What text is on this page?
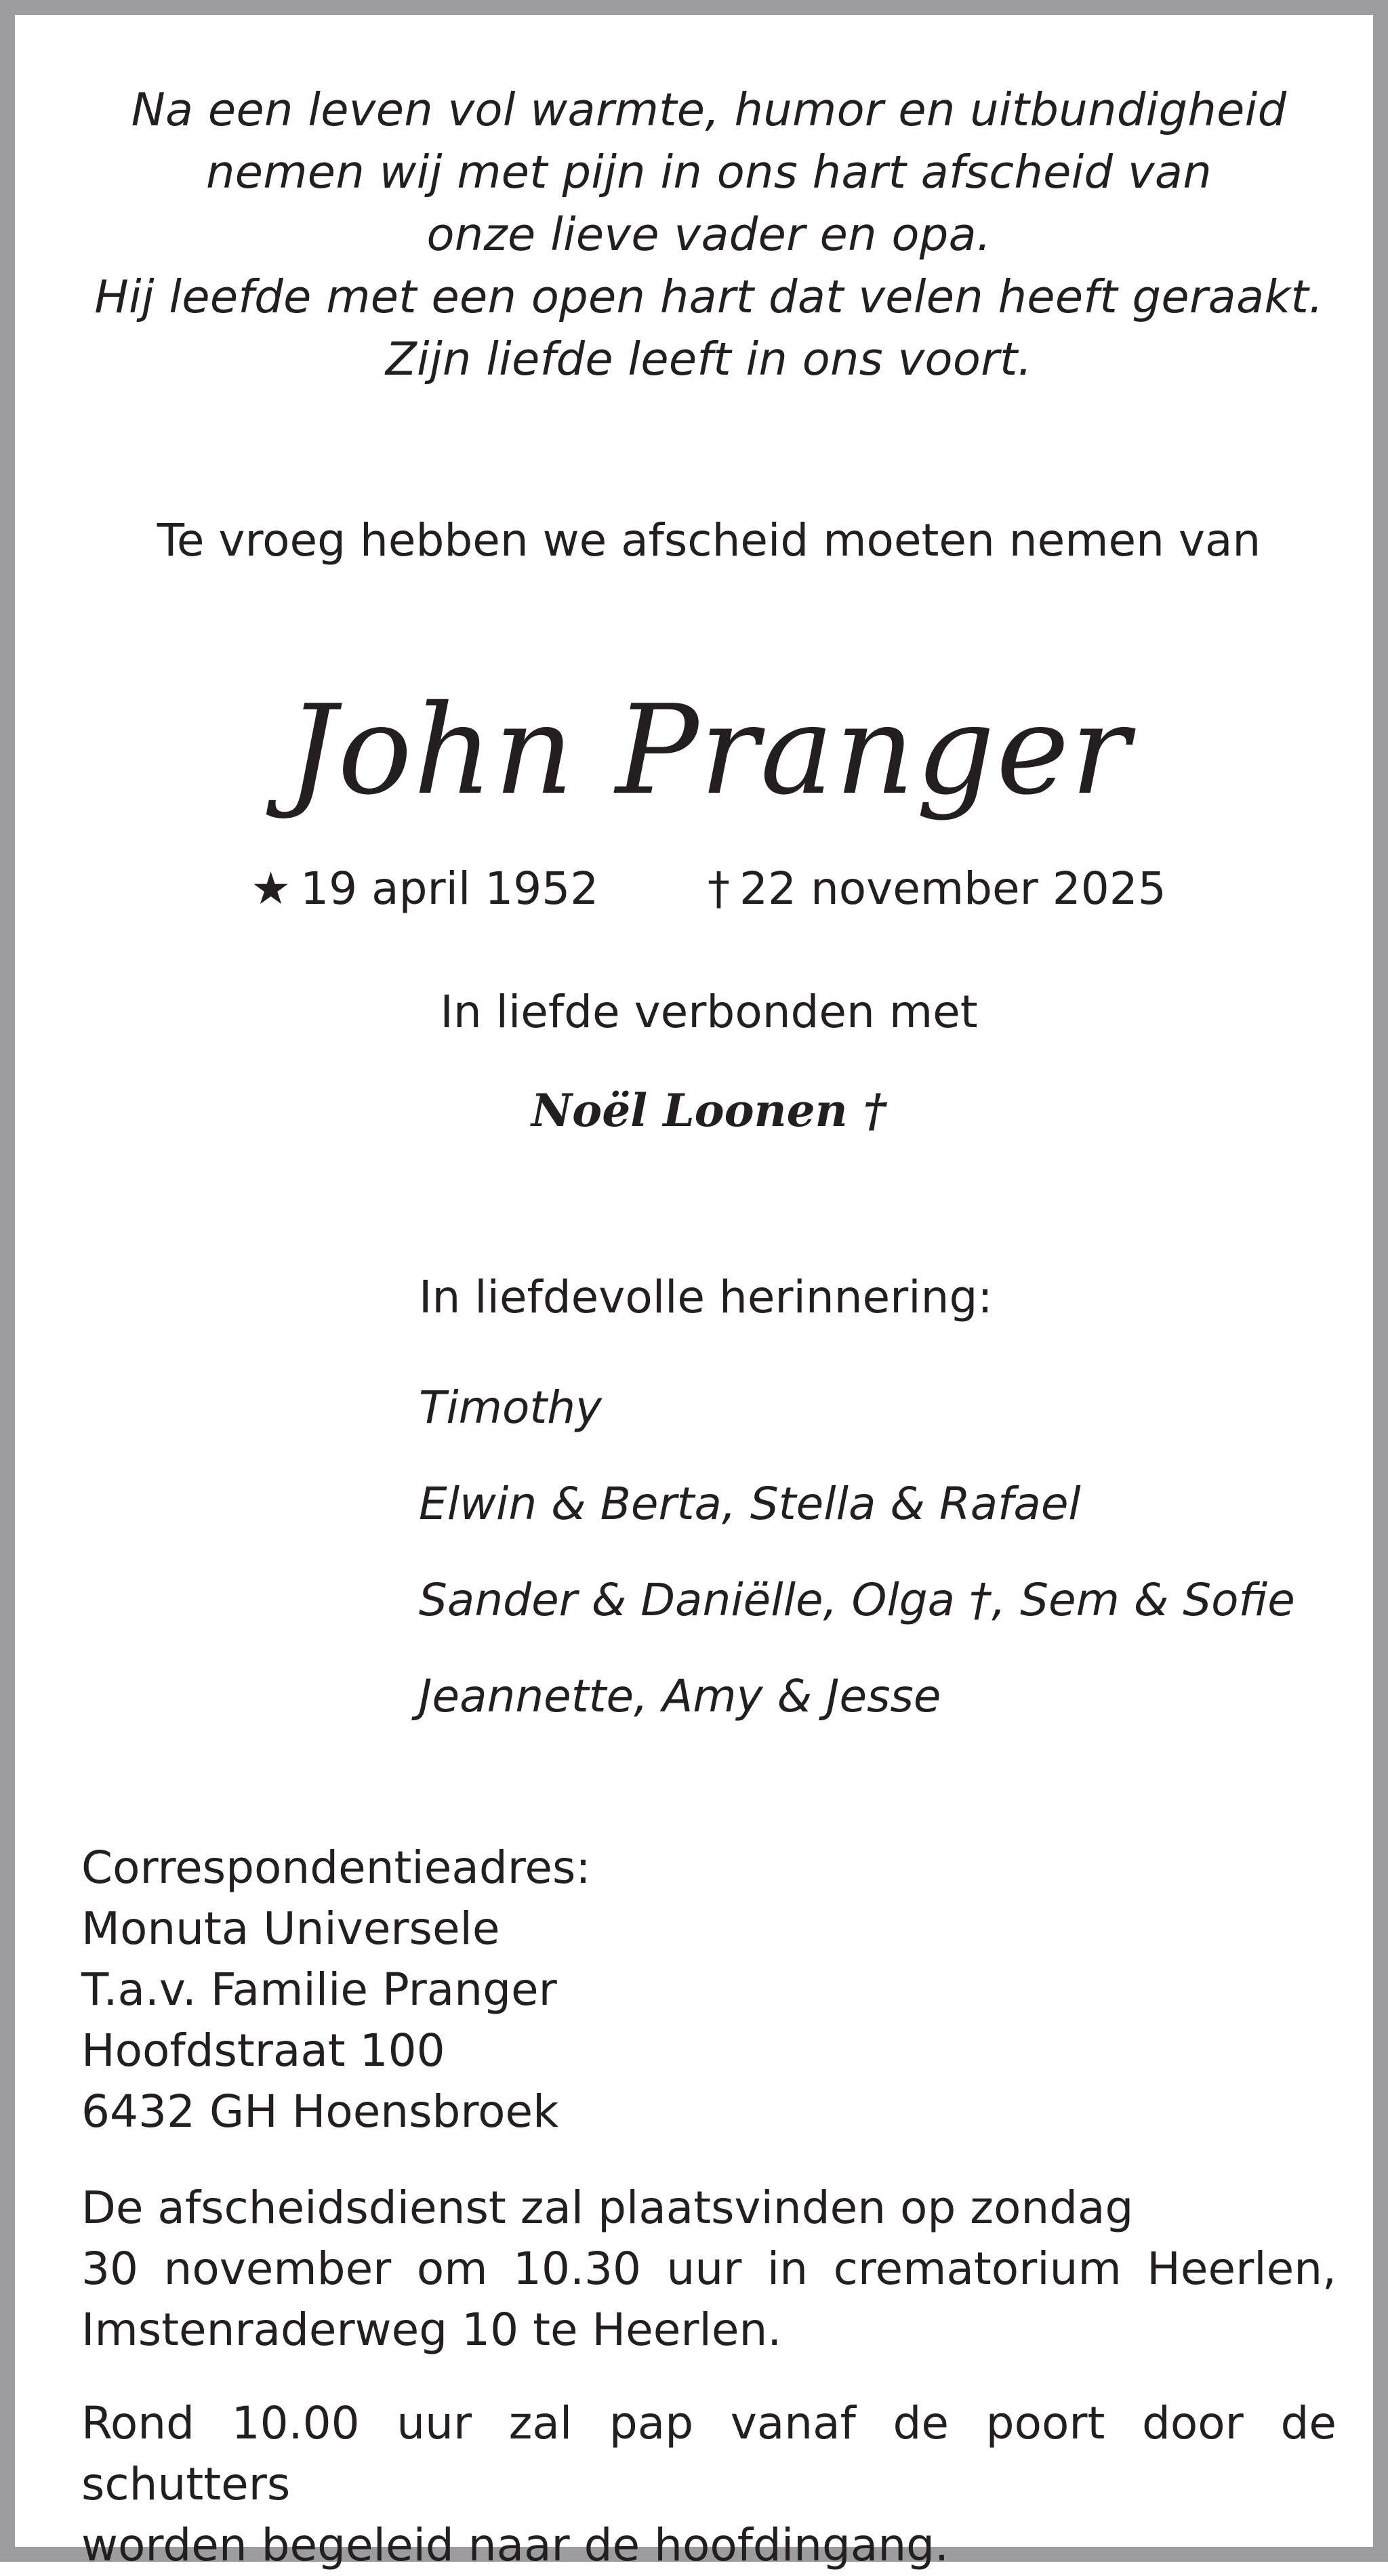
Na een leven vol warmte, humor en uitbundigheid
nemen wij met pijn in ons hart afscheid van
onze lieve vader en opa.
Hij leefde met een open hart dat velen heeft geraakt.
Zijn liefde leeft in ons voort.
Te vroeg hebben we afscheid moeten nemen van
John Pranger
★ 19 april 1952 † 22 november 2025
In liefde verbonden met
Noël Loonen †
In liefdevolle herinnering:
Timothy
Elwin & Berta, Stella & Rafael
Sander & Daniëlle, Olga †, Sem & Sofie
Jeannette, Amy & Jesse
Correspondentieadres:
Monuta Universele
T.a.v. Familie Pranger
Hoofdstraat 100
6432 GH Hoensbroek
De afscheidsdienst zal plaatsvinden op zondag
30 november om 10.30 uur in crematorium Heerlen,
Imstenraderweg 10 te Heerlen.
Rond 10.00 uur zal pap vanaf de poort door de schutters
worden begeleid naar de hoofdingang.
